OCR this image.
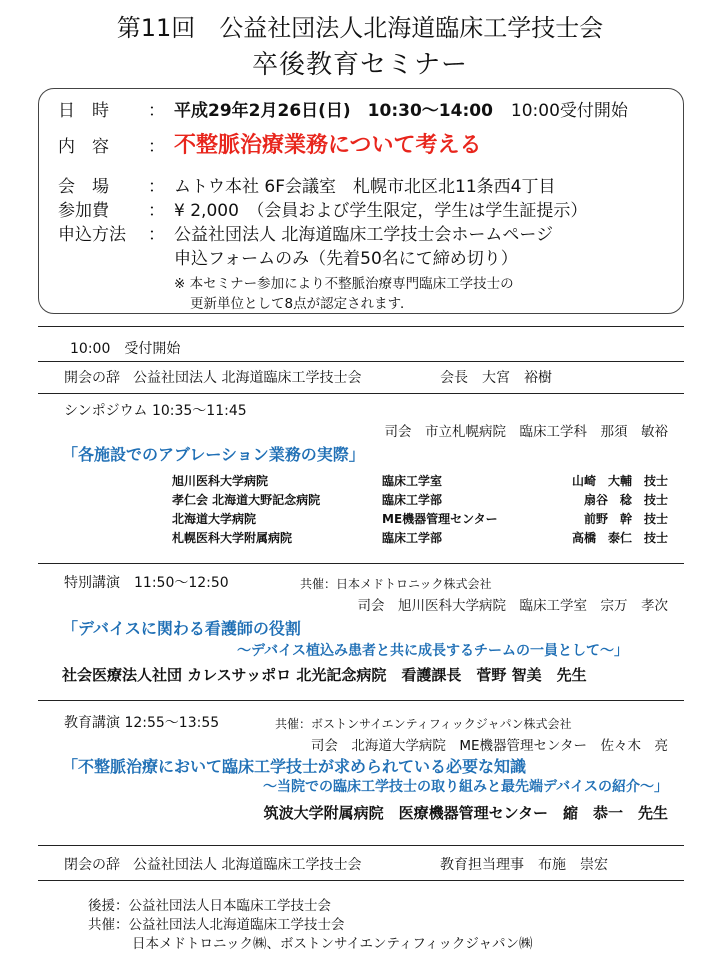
第11回　公益社団法人北海道臨床工学技士会
卒後教育セミナー
日　時	： 平成29年2月26日(日)　10:30〜14:00 10:00受付開始
内　容	： 不整脈治療業務について考える
会　場	： ムトウ本社 6F会議室　札幌市北区北11条西4丁目
参加費	： ¥ 2,000　（会員および学生限定，学生は学生証提示）
申込方法	： 公益社団法人 北海道臨床工学技士会ホームページ
申込フォームのみ（先着50名にて締め切り）
※ 本セミナー参加により不整脈治療専門臨床工学技士の
更新単位として8点が認定されます．
10:00　受付開始
開会の辞 公益社団法人 北海道臨床工学技士会	会長　大宮　裕樹
シンポジウム 10:35〜11:45
司会　市立札幌病院　臨床工学科　那須　敏裕
「各施設でのアブレーション業務の実際」
旭川医科大学病院	臨床工学室	山崎　大輔　技士
孝仁会 北海道大野記念病院	臨床工学部	扇谷　稔　技士
北海道大学病院	ME機器管理センター	前野　幹　技士
札幌医科大学附属病院	臨床工学部	高橋　泰仁　技士
特別講演　11:50〜12:50	共催：日本メドトロニック株式会社
司会　旭川医科大学病院　臨床工学室　宗万　孝次
「デバイスに関わる看護師の役割
〜デバイス植込み患者と共に成長するチームの一員として〜」
社会医療法人社団 カレスサッポロ 北光記念病院　看護課長　菅野 智美　先生
教育講演 12:55〜13:55	共催：ボストンサイエンティフィックジャパン株式会社
司会　北海道大学病院　ME機器管理センター　佐々木　亮
「不整脈治療において臨床工学技士が求められている必要な知識
〜当院での臨床工学技士の取り組みと最先端デバイスの紹介〜」
筑波大学附属病院　医療機器管理センター　縮　恭一　先生
閉会の辞 公益社団法人 北海道臨床工学技士会	教育担当理事　布施　崇宏
後援：公益社団法人日本臨床工学技士会
共催：公益社団法人北海道臨床工学技士会
日本メドトロニック㈱、ボストンサイエンティフィックジャパン㈱
